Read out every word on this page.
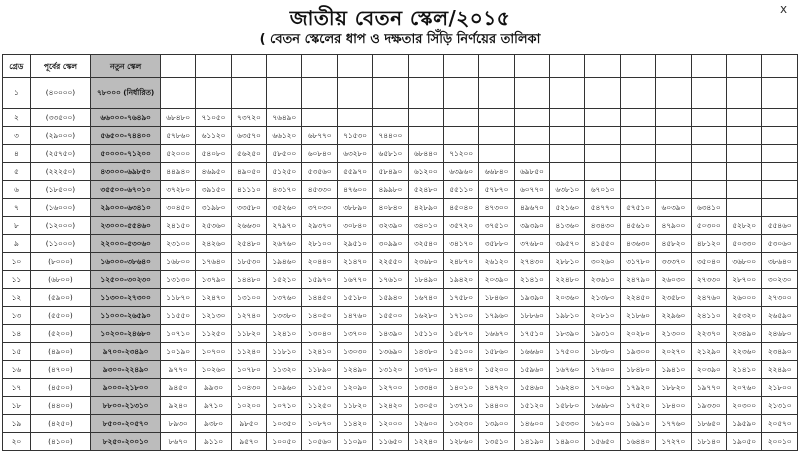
জাতীয় বেতন স্কেল/২০১৫
( বেতন স্কেলের ধাপ ও দক্ষতার সিঁড়ি নির্ণয়ের তালিকা
x
গ্রেড	পূর্বের স্কেল	নতুন স্কেল																		
১	(৪০০০০)	৭৮০০০ (নির্ধারিত)																		
২	(৩৩৫০০)	৬৬০০০-৭৬৪৯০	৬৮৪৮০	৭১০৫০	৭৩৭২০	৭৬৪৯০														
৩	(২৯০০০)	৫৬৫০০-৭৪৪০০	৫৭৮৬০	৬১১২০	৬৩৫৭০	৬৬১২০	৬৮৭৭০	৭১৫৩০	৭৪৪০০											
৪	(২৫৭৫০)	৫০০০০-৭১২০০	৫২০০০	৫৪০৮০	৫৬২৫০	৫৮৫০০	৬০৮৪০	৬৩২৮০	৬৫৮১০	৬৮৪৪০	৭১২০০									
৫	(২২২৫০)	৪৩০০০-৬৯৮৫০	৪৪৯৪০	৪৬৯৫০	৪৯০৫০	৫১২৫০	৫৩৫৬০	৫৫৯৭০	৫৮৪৯০	৬১২০০	৬৩৯৬০	৬৬৮৪০	৬৯৮৫০							
৬	(১৮৫০০)	৩৫৫০০-৬৭০১০	৩৭২৮০	৩৯১৫০	৪১১১০	৪৩১৭০	৪৫৩৩০	৪৭৬০০	৪৯৯৮০	৫২৪৮০	৫৫১১০	৫৭৮৭০	৬০৭৭০	৬৩৮১০	৬৭০১০					
৭	(১৬০০০)	২৯০০০-৬৩৪১০	৩০৪৫০	৩১৯৮০	৩৩৫৮০	৩৫২৬০	৩৭০৩০	৩৮৮৯০	৪০৮৪০	৪২৮৯০	৪৫০৪০	৪৭৩০০	৪৯৬৭০	৫২১৬০	৫৪৭৭০	৫৭৫১০	৬০৩৯০	৬৩৪১০		
৮	(১২০০০)	২৩০০০-৫৫৪৬০	২৪১৫০	২৫৩৬০	২৬৬৩০	২৭৯৭০	২৯৩৭০	৩০৮৪০	৩২৩৯০	৩৪০১০	৩৫৭২০	৩৭৫১০	৩৯৩৯০	৪১৩৬০	৪৩৪৩০	৪৫৬১০	৪৭৯০০	৫০৩০০	৫২৮২০	৫৫৪৬০
৯	(১১০০০)	২২০০০-৫৩০৬০	২৩১০০	২৪২৬০	২৫৪৮০	২৬৭৬০	২৮১০০	২৯৫১০	৩০৯৯০	৩২৫৪০	৩৪১৭০	৩৫৮৮০	৩৭৬৮০	৩৯৫৭০	৪১৫৫০	৪৩৬৩০	৪৫৮২০	৪৮১২০	৫০৩৩০	৫৩০৬০
১০	(৮০০০)	১৬০০০-৩৮৬৪০	১৬৮০০	১৭৬৪০	১৮৫৩০	১৯৪৬০	২০৪৪০	২১৪৭০	২২৫৫০	২৩৬৮০	২৪৮৭০	২৬১২০	২৭৪৩০	২৮৮১০	৩০২৬০	৩১৭৮০	৩৩৩৭০	৩৫০৪০	৩৬৮০০	৩৮৬৪০
১১	(৬৮০০)	১২৫০০-৩০২৩০	১৩১৩০	১৩৭৯০	১৪৪৮০	১৫২১০	১৫৯৭০	১৬৭৭০	১৭৬১০	১৮৪৯০	১৯৪২০	২০৩৯০	২১৪১০	২২৪৮০	২৩৬১০	২৪৭৯০	২৬০৩০	২৭৩৩০	২৮৭০০	৩০২৩০
১২	(৫৯০০)	১১৩০০-২৭৩০০	১১৮৭০	১২৪৭০	১৩১০০	১৩৭৬০	১৪৪৫০	১৫১৮০	১৫৯৪০	১৬৭৪০	১৭৫৮০	১৮৪৬০	১৯৩৯০	২০৩৬০	২১৩৮০	২২৪৫০	২৩৫৮০	২৪৭৬০	২৬০০০	২৭৩০০
১৩	(৫৫০০)	১১০০০-২৬৫৯০	১১৫৫০	১২১৩০	১২৭৪০	১৩৩৮০	১৪০৫০	১৪৭৬০	১৫৫০০	১৬২৮০	১৭১০০	১৭৯৬০	১৮৮৬০	১৯৮১০	২০৮১০	২১৮৬০	২২৯৬০	২৪১১০	২৫৩২০	২৬৫৯০
১৪	(৫২০০)	১০২০০-২৪৬৮০	১০৭১০	১১২৫০	১১৮২০	১২৪১০	১৩০৪০	১৩৭০০	১৪৩৯০	১৫১১০	১৫৮৭০	১৬৬৭০	১৭৫১০	১৮৩৯০	১৯৩১০	২০২৮০	২১৩০০	২২৩৭০	২৩৪৯০	২৪৬৮০
১৫	(৪৯০০)	৯৭০০-২৩৪৯০	১০১৯০	১০৭০০	১১২৪০	১১৮১০	১২৪১০	১৩০৩০	১৩৬৯০	১৪৩৮০	১৫১০০	১৫৮৬০	১৬৬৬০	১৭৫০০	১৮৩৮০	১৯৩০০	২০২৭০	২১২৯০	২২৩৬০	২৩৪৯০
১৬	(৪৭০০)	৯৩০০-২২৪৯০	৯৭৭০	১০২৬০	১০৭৮০	১১৩২০	১১৮৯০	১২৪৯০	১৩১২০	১৩৭৮০	১৪৪৭০	১৫২০০	১৫৯৬০	১৬৭৬০	১৭৬০০	১৮৪৮০	১৯৪১০	২০৩৯০	২১৪১০	২২৪৯০
১৭	(৪৫০০)	৯০০০-২১৮০০	৯৪৫০	৯৯৩০	১০৪৩০	১০৯৬০	১১৫১০	১২০৯০	১২৭০০	১৩৩৪০	১৪০১০	১৪৭২০	১৫৪৬০	১৬২৪০	১৭০৬০	১৭৯২০	১৮৮২০	১৯৭৭০	২০৭৬০	২১৮০০
১৮	(৪৪০০)	৮৮০০-২১৩১০	৯২৪০	৯৭১০	১০২০০	১০৭১০	১১২৫০	১১৮২০	১২৪২০	১৩০৫০	১৩৭১০	১৪৪০০	১৫১২০	১৫৮৮০	১৬৬৮০	১৭৫২০	১৮৪০০	১৯৩৩০	২০৩০০	২১৩১০
১৯	(৪২৫০)	৮৫০০-২০৫৭০	৮৯৩০	৯৩৮০	৯৮৫০	১০৩৫০	১০৮৭০	১১৪২০	১২০০০	১২৬০০	১৩২৩০	১৩৯০০	১৪৬০০	১৫৩৩০	১৬১০০	১৬৯১০	১৭৭৬০	১৮৬৫০	১৯৫৯০	২০৫৭০
২০	(৪১০০)	৮২৫০-২০০১০	৮৬৭০	৯১১০	৯৫৭০	১০০৫০	১০৫৬০	১১০৯০	১১৬৫০	১২২৪০	১২৮৬০	১৩৫১০	১৪১৯০	১৪৯০০	১৫৬৫০	১৬৪৪০	১৭২৭০	১৮১৪০	১৯০৫০	২০০১০
